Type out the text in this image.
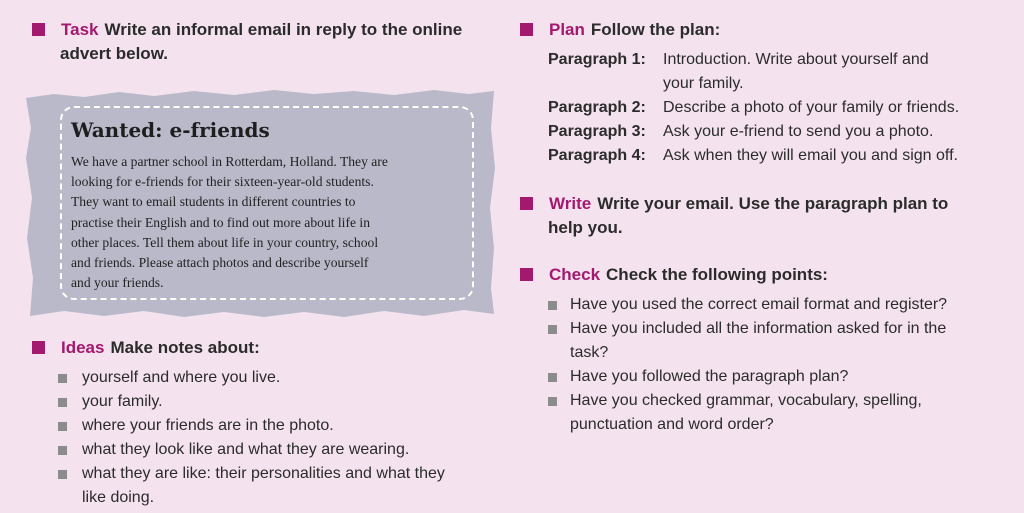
Task Write an informal email in reply to the online
advert below.
Wanted: e-friends
We have a partner school in Rotterdam, Holland. They are
looking for e-friends for their sixteen-year-old students.
They want to email students in different countries to
practise their English and to find out more about life in
other places. Tell them about life in your country, school
and friends. Please attach photos and describe yourself
and your friends.
Ideas Make notes about:
yourself and where you live.
your family.
where your friends are in the photo.
what they look like and what they are wearing.
what they are like: their personalities and what they
like doing.
Plan Follow the plan:
Paragraph 1:	Introduction. Write about yourself and
your family.
Paragraph 2:	Describe a photo of your family or friends.
Paragraph 3:	Ask your e-friend to send you a photo.
Paragraph 4:	Ask when they will email you and sign off.
Write Write your email. Use the paragraph plan to
help you.
Check Check the following points:
Have you used the correct email format and register?
Have you included all the information asked for in the
task?
Have you followed the paragraph plan?
Have you checked grammar, vocabulary, spelling,
punctuation and word order?
